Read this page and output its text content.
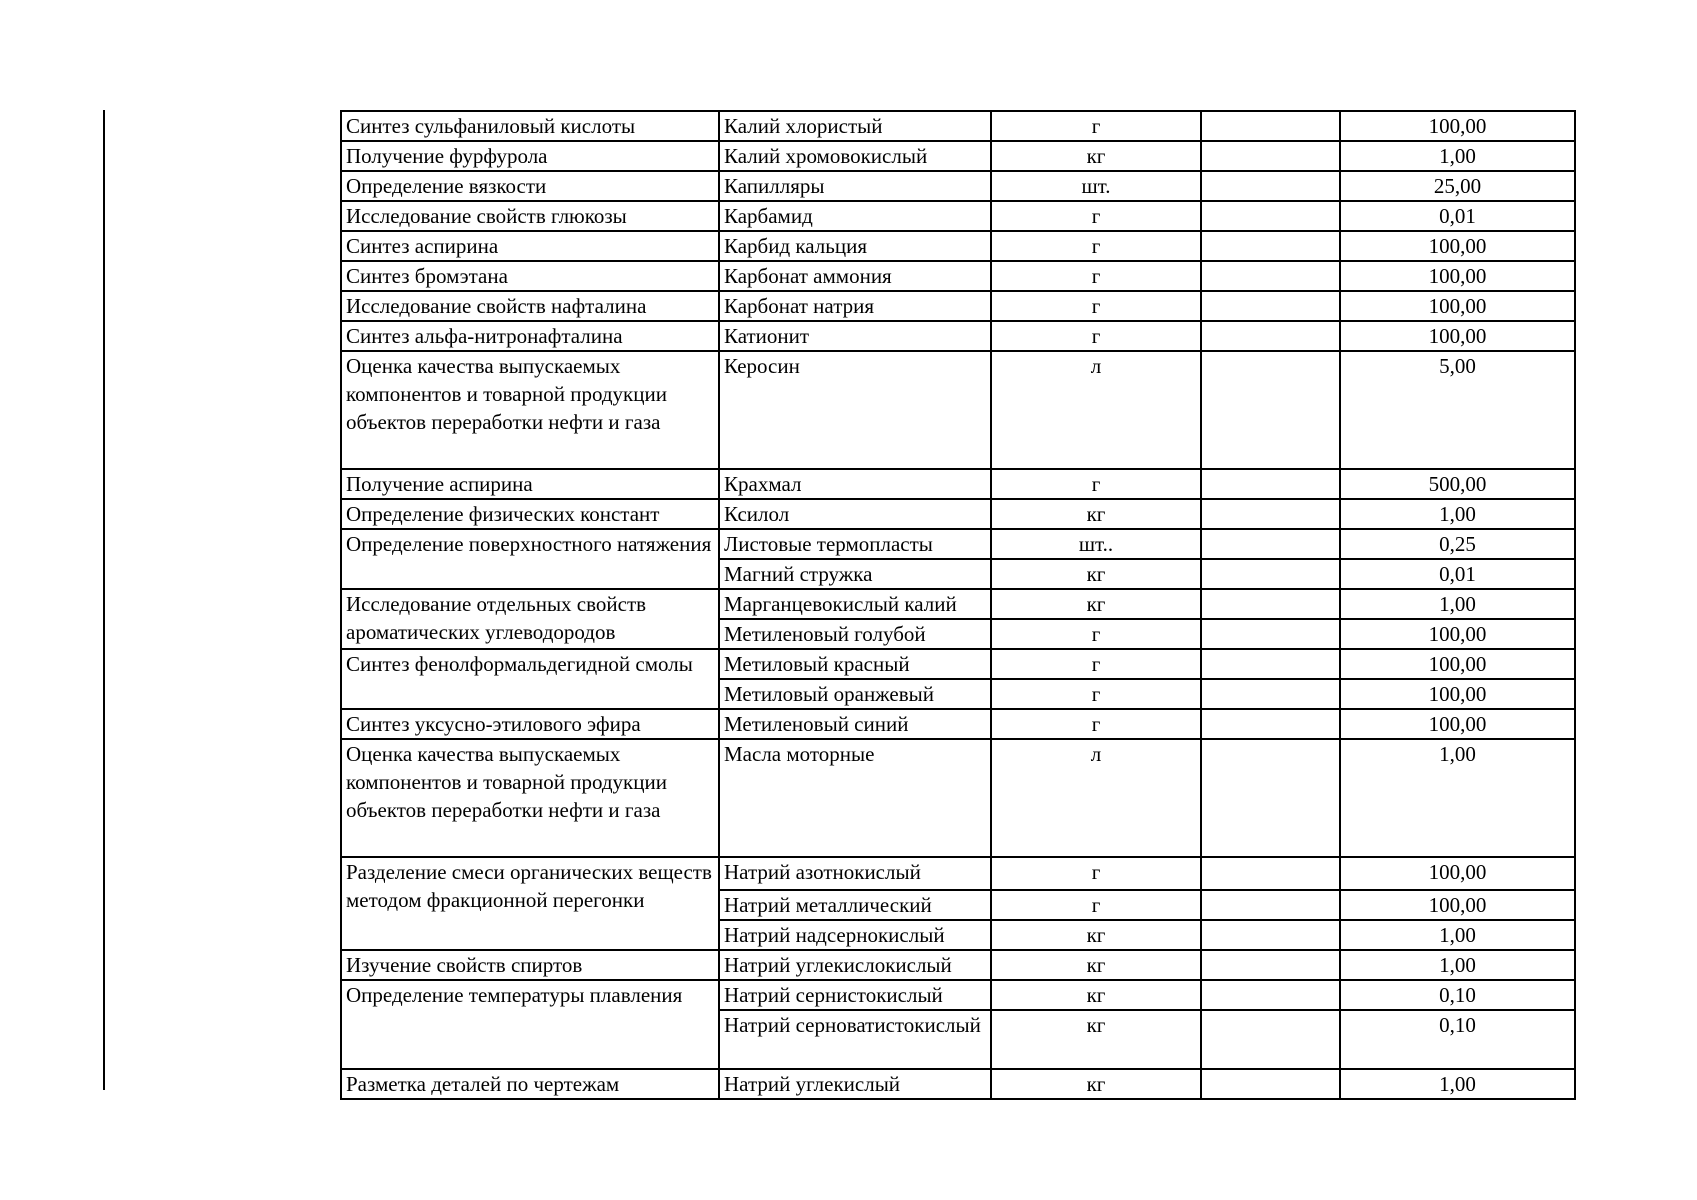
Синтез сульфаниловый кислоты	Калий хлористый	г		100,00
Получение фурфурола	Калий хромовокислый	кг		1,00
Определение вязкости	Капилляры	шт.		25,00
Исследование свойств глюкозы	Карбамид	г		0,01
Синтез аспирина	Карбид кальция	г		100,00
Синтез бромэтана	Карбонат аммония	г		100,00
Исследование свойств нафталина	Карбонат натрия	г		100,00
Синтез альфа-нитронафталина	Катионит	г		100,00
Оценка качества выпускаемых компонентов и товарной продукции объектов переработки нефти и газа	Керосин	л		5,00
Получение аспирина	Крахмал	г		500,00
Определение физических констант	Ксилол	кг		1,00
Определение поверхностного натяжения	Листовые термопласты	шт..		0,25
	Магний стружка	кг		0,01
Исследование отдельных свойств ароматических углеводородов	Марганцевокислый калий	кг		1,00
	Метиленовый голубой	г		100,00
Синтез фенолформальдегидной смолы	Метиловый красный	г		100,00
	Метиловый оранжевый	г		100,00
Синтез уксусно-этилового эфира	Метиленовый синий	г		100,00
Оценка качества выпускаемых компонентов и товарной продукции объектов переработки нефти и газа	Масла моторные	л		1,00
Разделение смеси органических веществ методом фракционной перегонки	Натрий азотнокислый	г		100,00
	Натрий металлический	г		100,00
	Натрий надсернокислый	кг		1,00
Изучение свойств спиртов	Натрий углекислокислый	кг		1,00
Определение температуры плавления	Натрий сернистокислый	кг		0,10
	Натрий серноватистокислый	кг		0,10
Разметка деталей по чертежам	Натрий углекислый	кг		1,00
